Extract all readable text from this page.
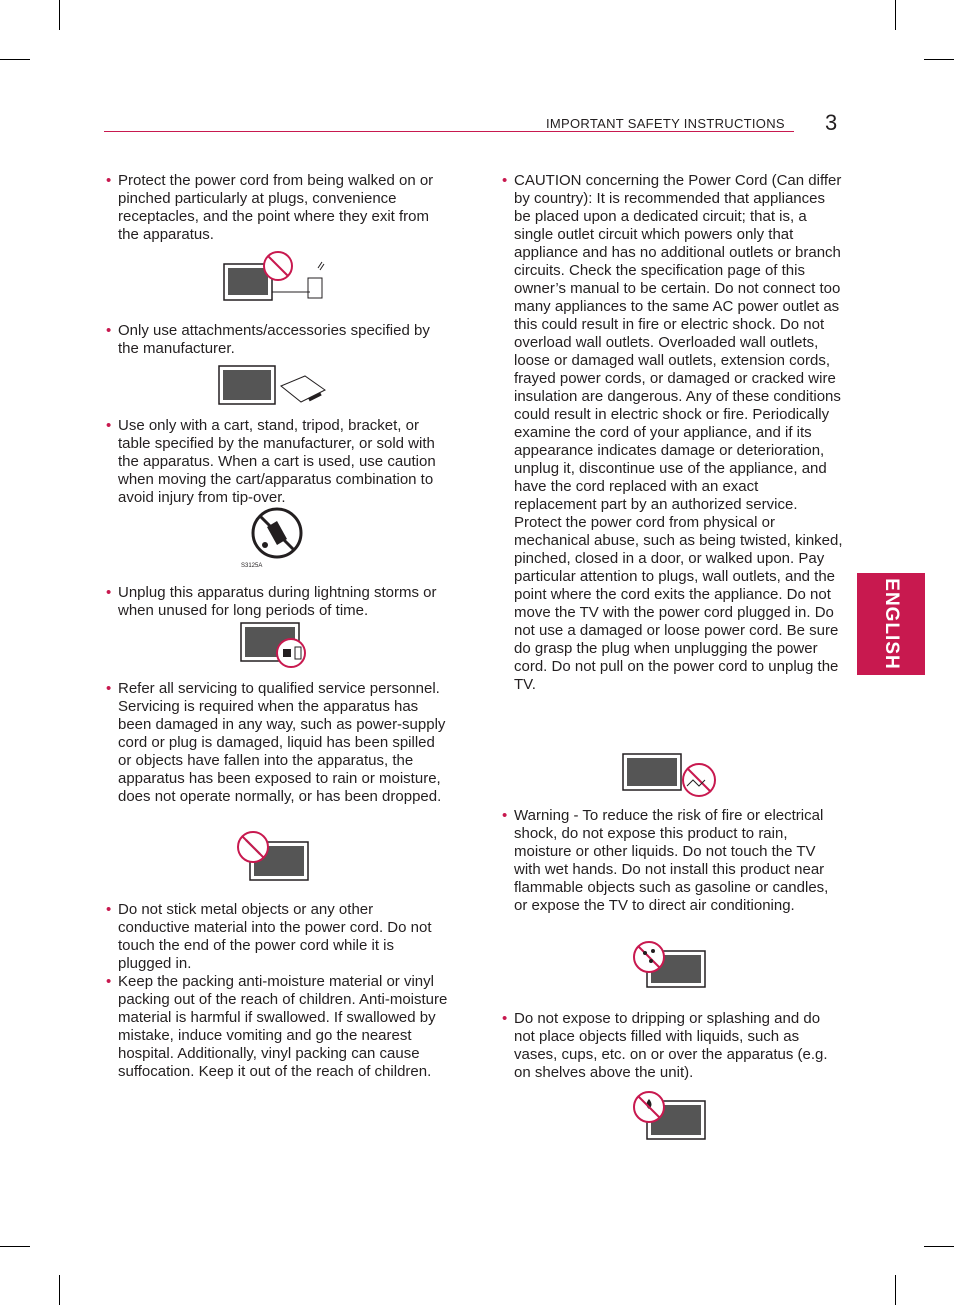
IMPORTANT SAFETY INSTRUCTIONS 3
ENGLISH
• Protect the power cord from being walked on or pinched particularly at plugs, convenience receptacles, and the point where they exit from the apparatus.
• Only use attachments/accessories specified by the manufacturer.
• Use only with a cart, stand, tripod, bracket, or table specified by the manufacturer, or sold with the apparatus. When a cart is used, use caution when moving the cart/apparatus combination to avoid injury from tip-over.
S3125A
• Unplug this apparatus during lightning storms or when unused for long periods of time.
• Refer all servicing to qualified service personnel. Servicing is required when the apparatus has been damaged in any way, such as power-supply cord or plug is damaged, liquid has been spilled or objects have fallen into the apparatus, the apparatus has been exposed to rain or moisture, does not operate normally, or has been dropped.
• Do not stick metal objects or any other conductive material into the power cord. Do not touch the end of the power cord while it is plugged in.
• Keep the packing anti-moisture material or vinyl packing out of the reach of children. Anti-moisture material is harmful if swallowed. If swallowed by mistake, induce vomiting and go the nearest hospital. Additionally, vinyl packing can cause suffocation. Keep it out of the reach of children.
• CAUTION concerning the Power Cord (Can differ by country): It is recommended that appliances be placed upon a dedicated circuit; that is, a single outlet circuit which powers only that appliance and has no additional outlets or branch circuits. Check the specification page of this owner’s manual to be certain. Do not connect too many appliances to the same AC power outlet as this could result in fire or electric shock. Do not overload wall outlets. Overloaded wall outlets, loose or damaged wall outlets, extension cords, frayed power cords, or damaged or cracked wire insulation are dangerous. Any of these conditions could result in electric shock or fire. Periodically examine the cord of your appliance, and if its appearance indicates damage or deterioration, unplug it, discontinue use of the appliance, and have the cord replaced with an exact replacement part by an authorized service. Protect the power cord from physical or mechanical abuse, such as being twisted, kinked, pinched, closed in a door, or walked upon. Pay particular attention to plugs, wall outlets, and the point where the cord exits the appliance. Do not move the TV with the power cord plugged in. Do not use a damaged or loose power cord. Be sure do grasp the plug when unplugging the power cord. Do not pull on the power cord to unplug the TV.
• Warning - To reduce the risk of fire or electrical shock, do not expose this product to rain, moisture or other liquids. Do not touch the TV with wet hands. Do not install this product near flammable objects such as gasoline or candles, or expose the TV to direct air conditioning.
• Do not expose to dripping or splashing and do not place objects filled with liquids, such as vases, cups, etc. on or over the apparatus (e.g. on shelves above the unit).
